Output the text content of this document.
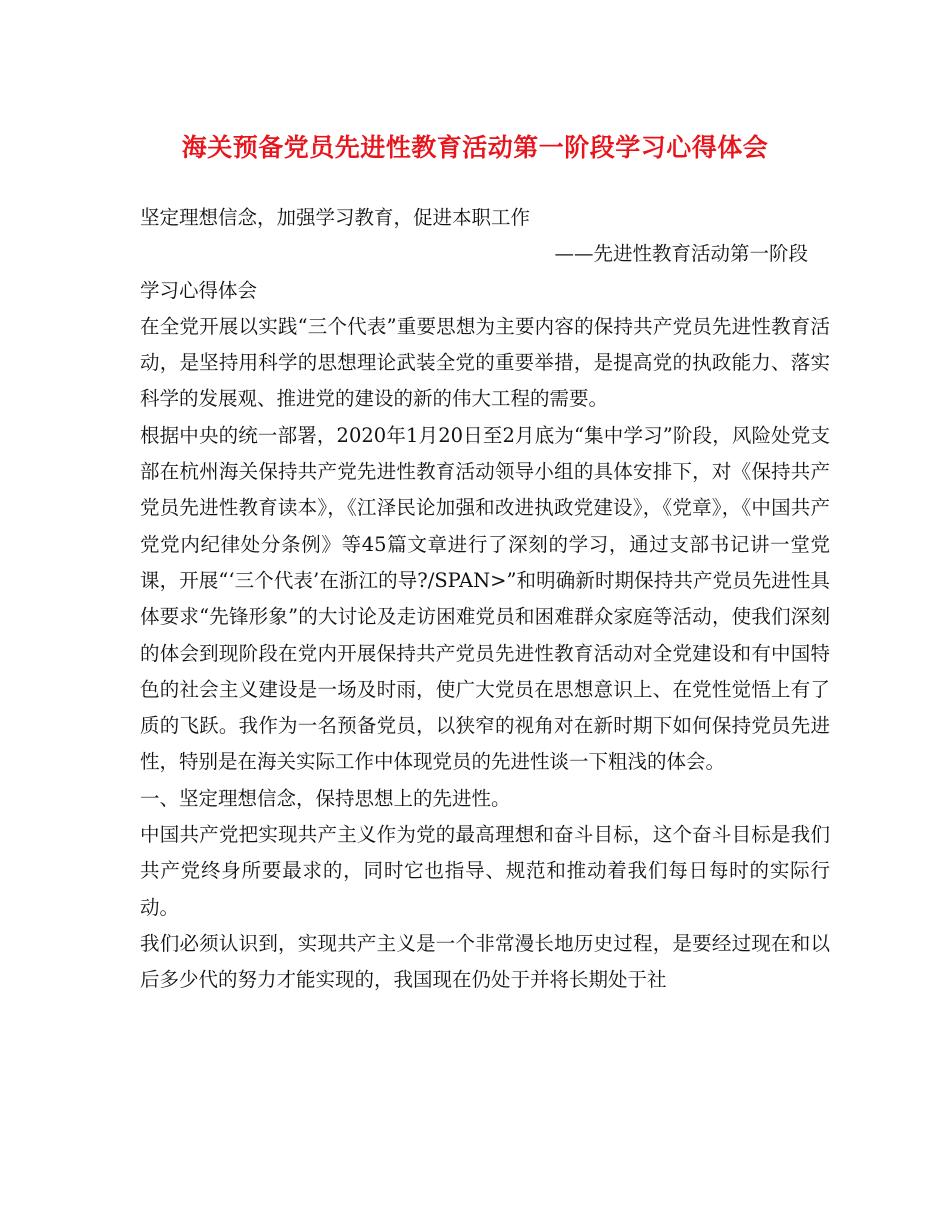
海关预备党员先进性教育活动第一阶段学习心得体会

坚定理想信念，加强学习教育，促进本职工作

——先进性教育活动第一阶段

学习心得体会

在全党开展以实践“三个代表”重要思想为主要内容的保持共产党员先进性教育活动，是坚持用科学的思想理论武装全党的重要举措，是提高党的执政能力、落实科学的发展观、推进党的建设的新的伟大工程的需要。

根据中央的统一部署，2020年1月20日至2月底为“集中学习”阶段，风险处党支部在杭州海关保持共产党先进性教育活动领导小组的具体安排下，对《保持共产党员先进性教育读本》，《江泽民论加强和改进执政党建设》，《党章》，《中国共产党党内纪律处分条例》等45篇文章进行了深刻的学习，通过支部书记讲一堂党课，开展“‘三个代表’在浙江的导?/SPAN>”和明确新时期保持共产党员先进性具体要求“先锋形象”的大讨论及走访困难党员和困难群众家庭等活动，使我们深刻的体会到现阶段在党内开展保持共产党员先进性教育活动对全党建设和有中国特色的社会主义建设是一场及时雨，使广大党员在思想意识上、在党性觉悟上有了质的飞跃。我作为一名预备党员，以狭窄的视角对在新时期下如何保持党员先进性，特别是在海关实际工作中体现党员的先进性谈一下粗浅的体会。

一、坚定理想信念，保持思想上的先进性。

中国共产党把实现共产主义作为党的最高理想和奋斗目标，这个奋斗目标是我们共产党终身所要最求的，同时它也指导、规范和推动着我们每日每时的实际行动。

我们必须认识到，实现共产主义是一个非常漫长地历史过程，是要经过现在和以后多少代的努力才能实现的，我国现在仍处于并将长期处于社
